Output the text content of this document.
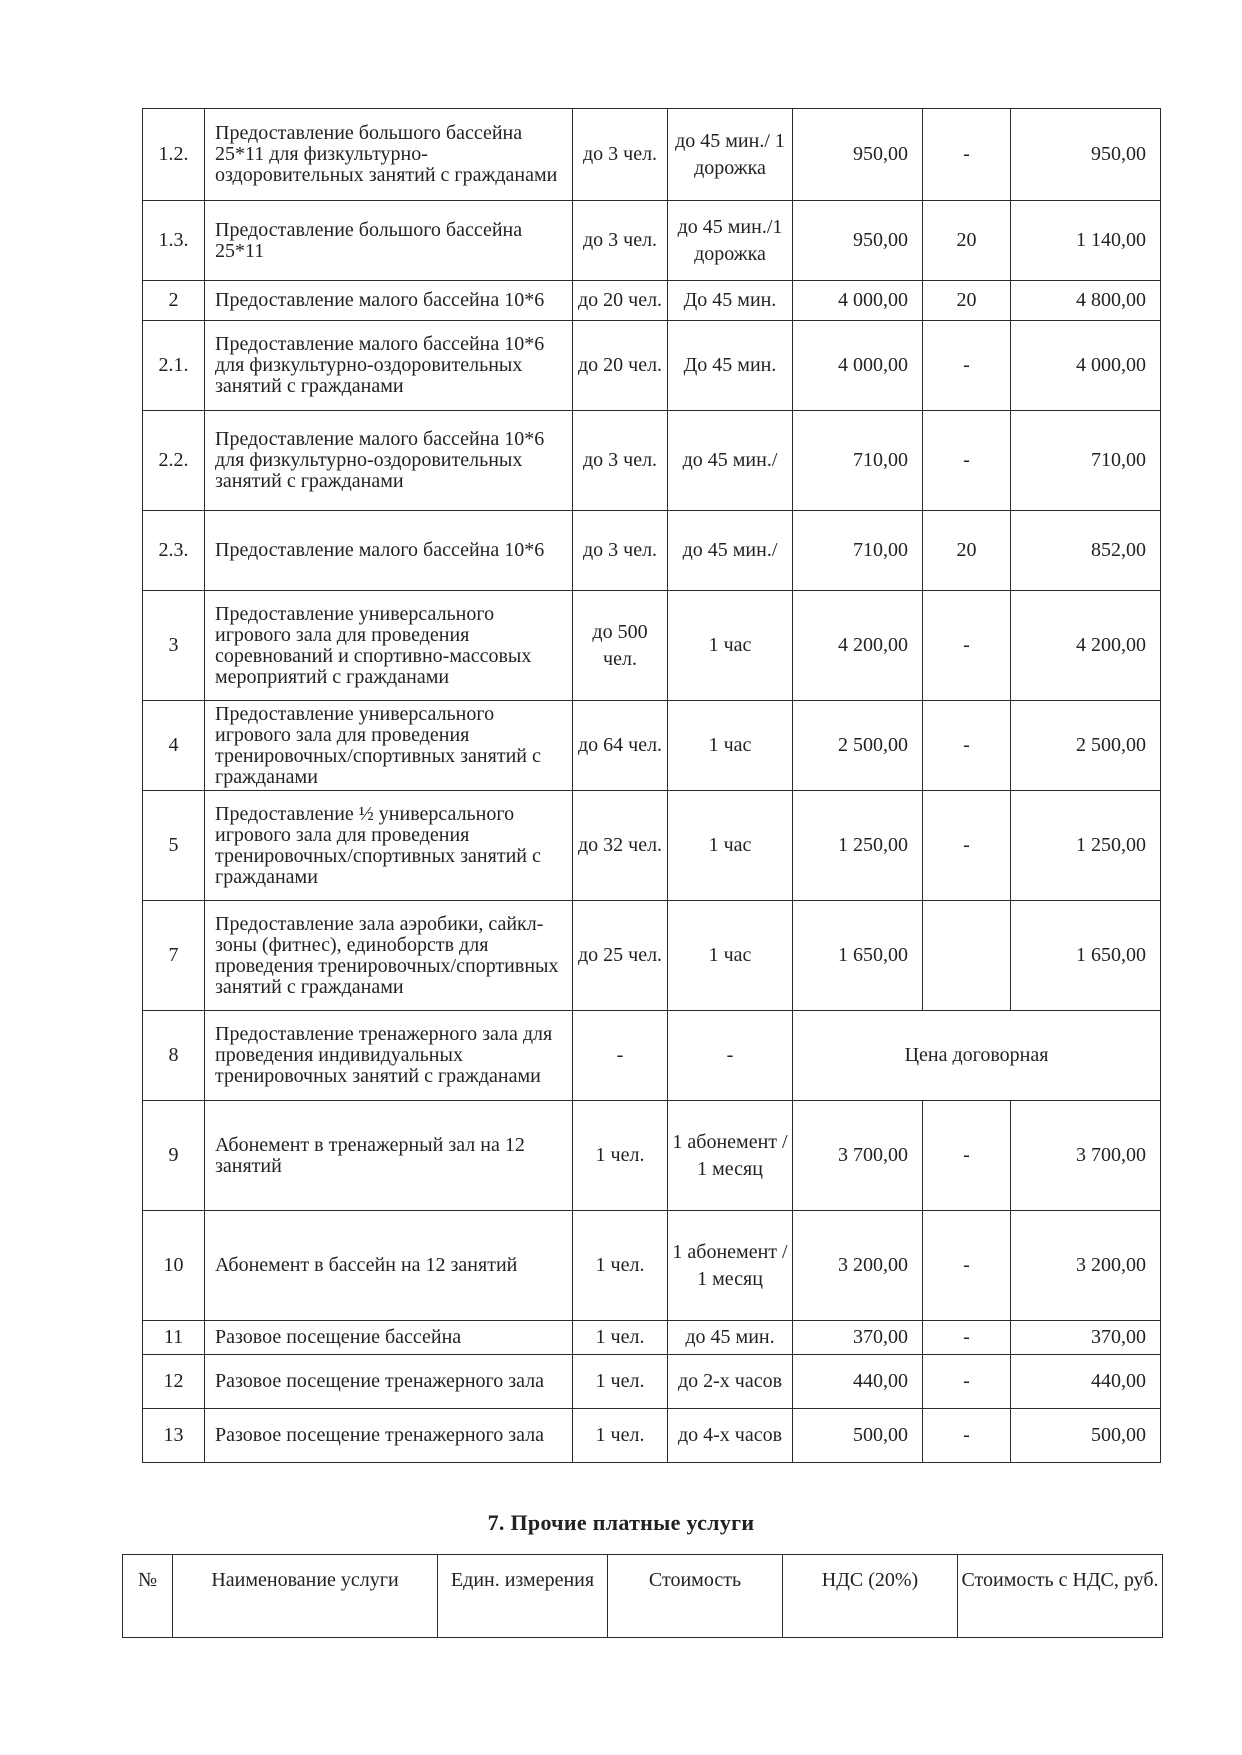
1.2.	Предоставление большого бассейна 25*11 для физкультурно-оздоровительных занятий с гражданами	до 3 чел.	до 45 мин./ 1 дорожка	950,00	-	950,00
1.3.	Предоставление большого бассейна 25*11	до 3 чел.	до 45 мин./1 дорожка	950,00	20	1 140,00
2	Предоставление малого бассейна 10*6	до 20 чел.	До 45 мин.	4 000,00	20	4 800,00
2.1.	Предоставление малого бассейна 10*6 для физкультурно-оздоровительных занятий с гражданами	до 20 чел.	До 45 мин.	4 000,00	-	4 000,00
2.2.	Предоставление малого бассейна 10*6 для физкультурно-оздоровительных занятий с гражданами	до 3 чел.	до 45 мин./	710,00	-	710,00
2.3.	Предоставление малого бассейна 10*6	до 3 чел.	до 45 мин./	710,00	20	852,00
3	Предоставление универсального игрового зала для проведения соревнований и спортивно-массовых мероприятий с гражданами	до 500 чел.	1 час	4 200,00	-	4 200,00
4	Предоставление универсального игрового зала для проведения тренировочных/спортивных занятий с гражданами	до 64 чел.	1 час	2 500,00	-	2 500,00
5	Предоставление ½ универсального игрового зала для проведения тренировочных/спортивных занятий с гражданами	до 32 чел.	1 час	1 250,00	-	1 250,00
7	Предоставление зала аэробики, сайкл- зоны (фитнес), единоборств для проведения тренировочных/спортивных занятий с гражданами	до 25 чел.	1 час	1 650,00		1 650,00
8	Предоставление тренажерного зала для проведения индивидуальных тренировочных занятий с гражданами	-	-	Цена договорная		
9	Абонемент в тренажерный зал на 12 занятий	1 чел.	1 абонемент / 1 месяц	3 700,00	-	3 700,00
10	Абонемент в бассейн на 12 занятий	1 чел.	1 абонемент / 1 месяц	3 200,00	-	3 200,00
11	Разовое посещение бассейна	1 чел.	до 45 мин.	370,00	-	370,00
12	Разовое посещение тренажерного зала	1 чел.	до 2-х часов	440,00	-	440,00
13	Разовое посещение тренажерного зала	1 чел.	до 4-х часов	500,00	-	500,00
7. Прочие платные услуги
№	Наименование услуги	Един. измерения	Стоимость	НДС (20%)	Стоимость с НДС, руб.
